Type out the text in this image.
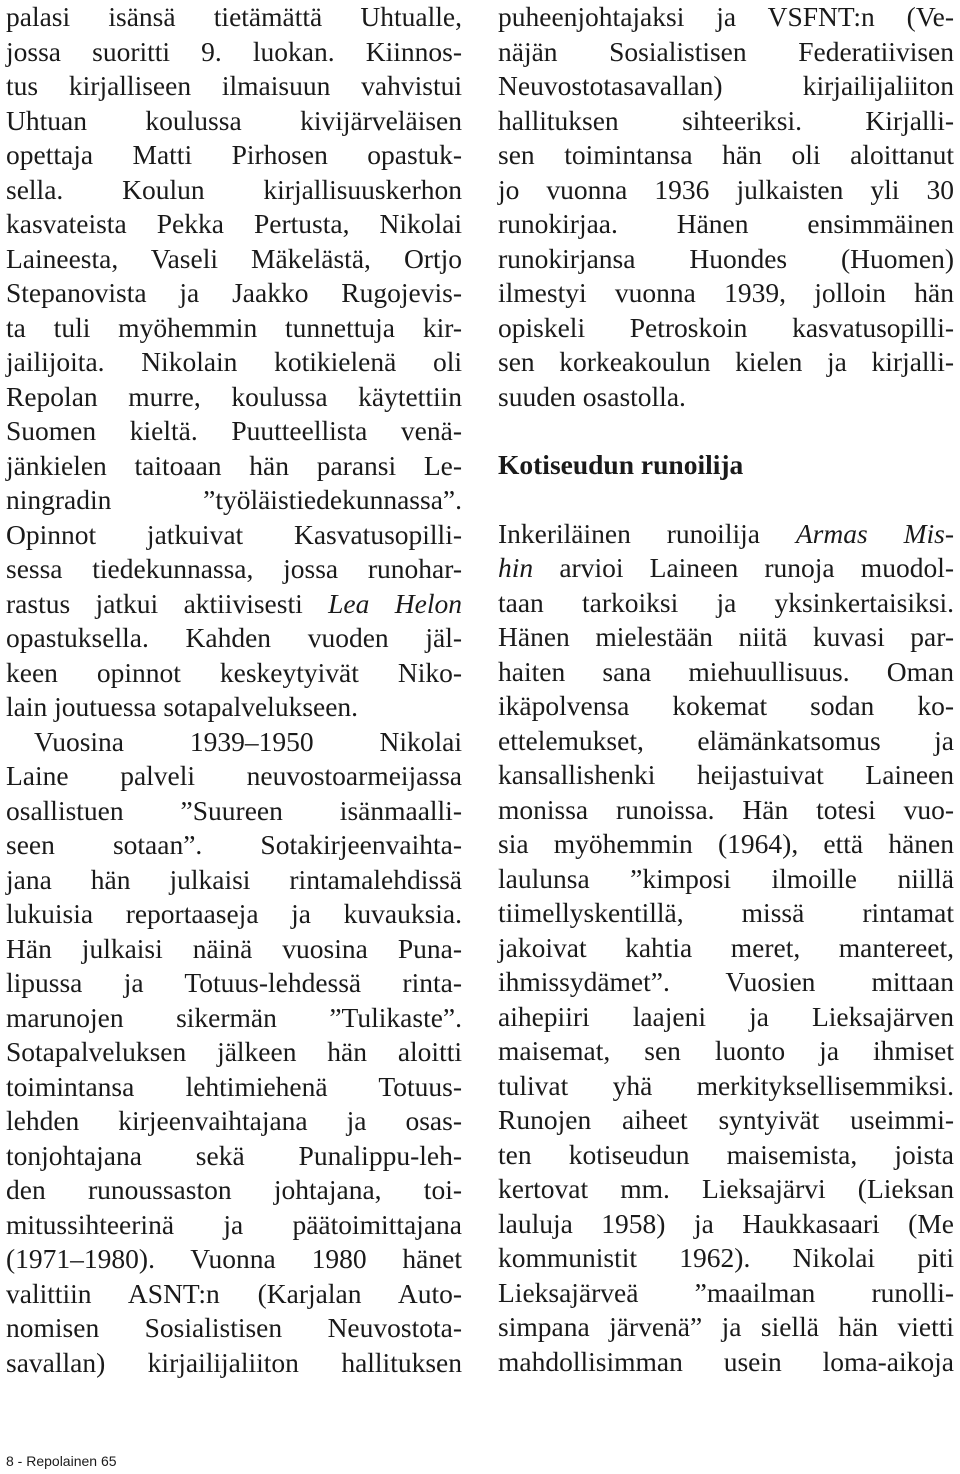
palasi isänsä tietämättä Uhtualle,
jossa suoritti 9. luokan. Kiinnos-
tus kirjalliseen ilmaisuun vahvistui
Uhtuan koulussa kivijärveläisen
opettaja Matti Pirhosen opastuk-
sella. Koulun kirjallisuuskerhon
kasvateista Pekka Pertusta, Nikolai
Laineesta, Vaseli Mäkelästä, Ortjo
Stepanovista ja Jaakko Rugojevis-
ta tuli myöhemmin tunnettuja kir-
jailijoita. Nikolain kotikielenä oli
Repolan murre, koulussa käytettiin
Suomen kieltä. Puutteellista venä-
jänkielen taitoaan hän paransi Le-
ningradin ”työläistiedekunnassa”.
Opinnot jatkuivat Kasvatusopilli-
sessa tiedekunnassa, jossa runohar-
rastus jatkui aktiivisesti Lea Helon
opastuksella. Kahden vuoden jäl-
keen opinnot keskeytyivät Niko-
lain joutuessa sotapalvelukseen.
Vuosina 1939–1950 Nikolai
Laine palveli neuvostoarmeijassa
osallistuen ”Suureen isänmaalli-
seen sotaan”. Sotakirjeenvaihta-
jana hän julkaisi rintamalehdissä
lukuisia reportaaseja ja kuvauksia.
Hän julkaisi näinä vuosina Puna-
lipussa ja Totuus-lehdessä rinta-
marunojen sikermän ”Tulikaste”.
Sotapalveluksen jälkeen hän aloitti
toimintansa lehtimiehenä Totuus-
lehden kirjeenvaihtajana ja osas-
tonjohtajana sekä Punalippu-leh-
den runoussaston johtajana, toi-
mitussihteerinä ja päätoimittajana
(1971–1980). Vuonna 1980 hänet
valittiin ASNT:n (Karjalan Auto-
nomisen Sosialistisen Neuvostota-
savallan) kirjailijaliiton hallituksen
puheenjohtajaksi ja VSFNT:n (Ve-
näjän Sosialistisen Federatiivisen
Neuvostotasavallan) kirjailijaliiton
hallituksen sihteeriksi. Kirjalli-
sen toimintansa hän oli aloittanut
jo vuonna 1936 julkaisten yli 30
runokirjaa. Hänen ensimmäinen
runokirjansa Huondes (Huomen)
ilmestyi vuonna 1939, jolloin hän
opiskeli Petroskoin kasvatusopilli-
sen korkeakoulun kielen ja kirjalli-
suuden osastolla.
Kotiseudun runoilija
Inkeriläinen runoilija Armas Mis-
hin arvioi Laineen runoja muodol-
taan tarkoiksi ja yksinkertaisiksi.
Hänen mielestään niitä kuvasi par-
haiten sana miehuullisuus. Oman
ikäpolvensa kokemat sodan ko-
ettelemukset, elämänkatsomus ja
kansallishenki heijastuivat Laineen
monissa runoissa. Hän totesi vuo-
sia myöhemmin (1964), että hänen
laulunsa ”kimposi ilmoille niillä
tiimellyskentillä, missä rintamat
jakoivat kahtia meret, mantereet,
ihmissydämet”. Vuosien mittaan
aihepiiri laajeni ja Lieksajärven
maisemat, sen luonto ja ihmiset
tulivat yhä merkityksellisemmiksi.
Runojen aiheet syntyivät useimmi-
ten kotiseudun maisemista, joista
kertovat mm. Lieksajärvi (Lieksan
lauluja 1958) ja Haukkasaari (Me
kommunistit 1962). Nikolai piti
Lieksajärveä ”maailman runolli-
simpana järvenä” ja siellä hän vietti
mahdollisimman usein loma-aikoja
8 - Repolainen 65
